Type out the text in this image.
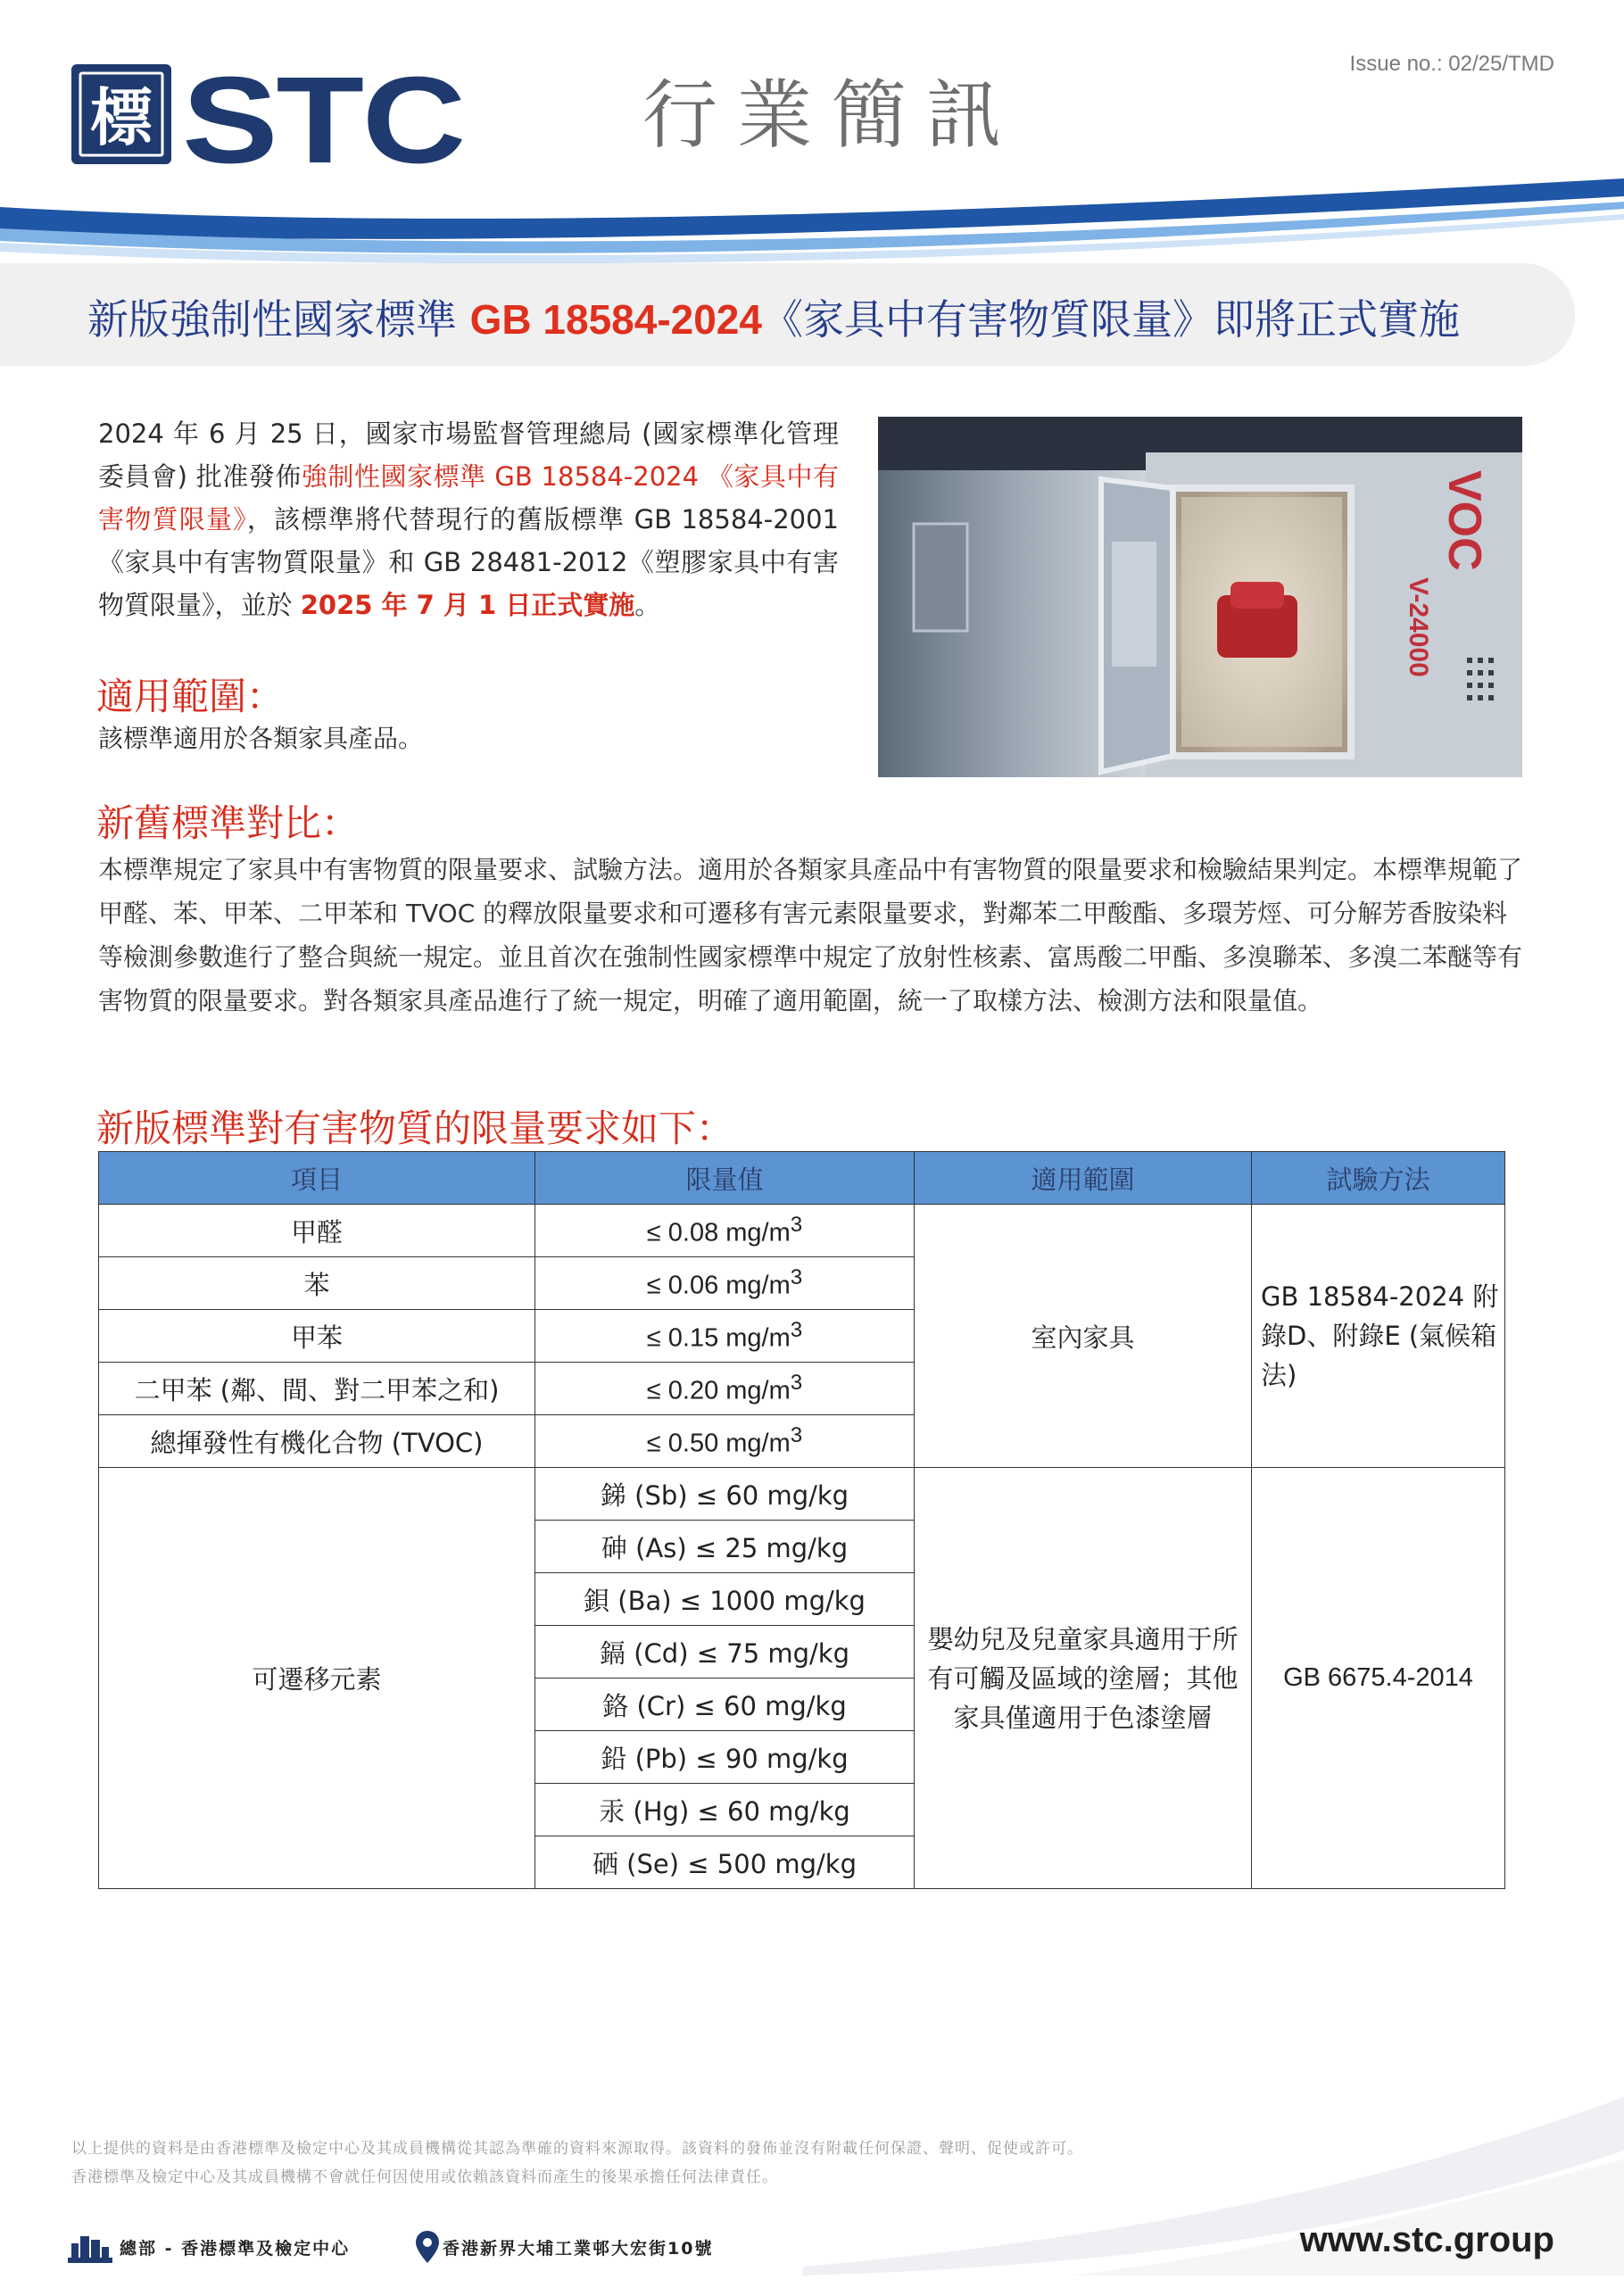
標 STC 行業簡訊
Issue no.: 02/25/TMD
新版強制性國家標準 GB 18584-2024《家具中有害物質限量》即將正式實施
2024 年 6 月 25 日，國家市場監督管理總局 (國家標準化管理委員會) 批准發佈強制性國家標準 GB 18584-2024 《家具中有害物質限量》，該標準將代替現行的舊版標準 GB 18584-2001《家具中有害物質限量》和 GB 28481-2012《塑膠家具中有害物質限量》，並於 2025 年 7 月 1 日正式實施。
VOC
V-24000
適用範圍：
該標準適用於各類家具產品。
新舊標準對比：
本標準規定了家具中有害物質的限量要求、試驗方法。適用於各類家具產品中有害物質的限量要求和檢驗結果判定。本標準規範了甲醛、苯、甲苯、二甲苯和 TVOC 的釋放限量要求和可遷移有害元素限量要求，對鄰苯二甲酸酯、多環芳烴、可分解芳香胺染料等檢測參數進行了整合與統一規定。並且首次在強制性國家標準中規定了放射性核素、富馬酸二甲酯、多溴聯苯、多溴二苯醚等有害物質的限量要求。對各類家具產品進行了統一規定，明確了適用範圍，統一了取樣方法、檢測方法和限量值。
新版標準對有害物質的限量要求如下：
項目	限量值	適用範圍	試驗方法
甲醛	≤ 0.08 $mg/m^3$	室內家具	GB 18584-2024 附錄D、附錄E (氣候箱法)
苯	≤ 0.06 $mg/m^3$
甲苯	≤ 0.15 $mg/m^3$
二甲苯 (鄰、間、對二甲苯之和)	≤ 0.20 $mg/m^3$
總揮發性有機化合物 (TVOC)	≤ 0.50 $mg/m^3$
可遷移元素	銻 (Sb) ≤ 60 mg/kg	嬰幼兒及兒童家具適用于所有可觸及區域的塗層；其他家具僅適用于色漆塗層	GB 6675.4-2014
	砷 (As) ≤ 25 mg/kg		
	鋇 (Ba) ≤ 1000 mg/kg		
	鎘 (Cd) ≤ 75 mg/kg		
	鉻 (Cr) ≤ 60 mg/kg		
	鉛 (Pb) ≤ 90 mg/kg		
	汞 (Hg) ≤ 60 mg/kg		
	硒 (Se) ≤ 500 mg/kg		
以上提供的資料是由香港標準及檢定中心及其成員機構從其認為準確的資料來源取得。該資料的發佈並沒有附載任何保證、聲明、促使或許可。
香港標準及檢定中心及其成員機構不會就任何因使用或依賴該資料而產生的後果承擔任何法律責任。
總部 - 香港標準及檢定中心	香港新界大埔工業邨大宏街10號	www.stc.group
